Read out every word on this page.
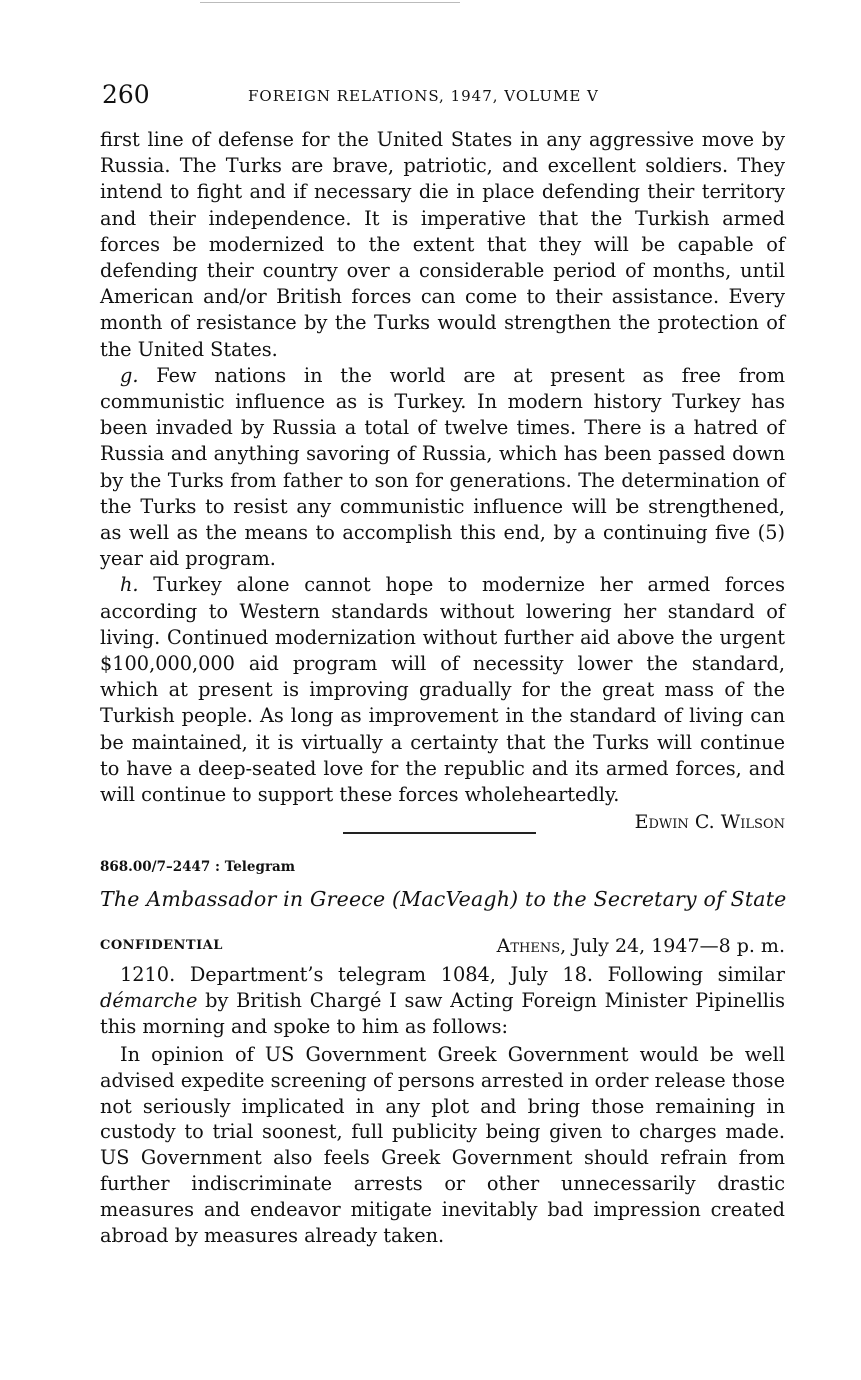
260	FOREIGN RELATIONS, 1947, VOLUME V

first line of defense for the United States in any aggressive move by Russia. The Turks are brave, patriotic, and excellent soldiers. They intend to fight and if necessary die in place defending their territory and their independence. It is imperative that the Turkish armed forces be modernized to the extent that they will be capable of defending their country over a considerable period of months, until American and/or British forces can come to their assistance. Every month of resistance by the Turks would strengthen the protection of the United States.

g. Few nations in the world are at present as free from communistic influence as is Turkey. In modern history Turkey has been invaded by Russia a total of twelve times. There is a hatred of Russia and anything savoring of Russia, which has been passed down by the Turks from father to son for generations. The determination of the Turks to resist any communistic influence will be strengthened, as well as the means to accomplish this end, by a continuing five (5) year aid program.

h. Turkey alone cannot hope to modernize her armed forces according to Western standards without lowering her standard of living. Continued modernization without further aid above the urgent $100,000,000 aid program will of necessity lower the standard, which at present is improving gradually for the great mass of the Turkish people. As long as improvement in the standard of living can be maintained, it is virtually a certainty that the Turks will continue to have a deep-seated love for the republic and its armed forces, and will continue to support these forces wholeheartedly.

Edwin C. Wilson
868.00/7–2447 : Telegram
The Ambassador in Greece (MacVeagh) to the Secretary of State
CONFIDENTIAL	Athens, July 24, 1947—8 p. m.

1210. Department’s telegram 1084, July 18. Following similar démarche by British Chargé I saw Acting Foreign Minister Pipinellis this morning and spoke to him as follows:

In opinion of US Government Greek Government would be well advised expedite screening of persons arrested in order release those not seriously implicated in any plot and bring those remaining in custody to trial soonest, full publicity being given to charges made. US Government also feels Greek Government should refrain from further indiscriminate arrests or other unnecessarily drastic measures and endeavor mitigate inevitably bad impression created abroad by measures already taken.
